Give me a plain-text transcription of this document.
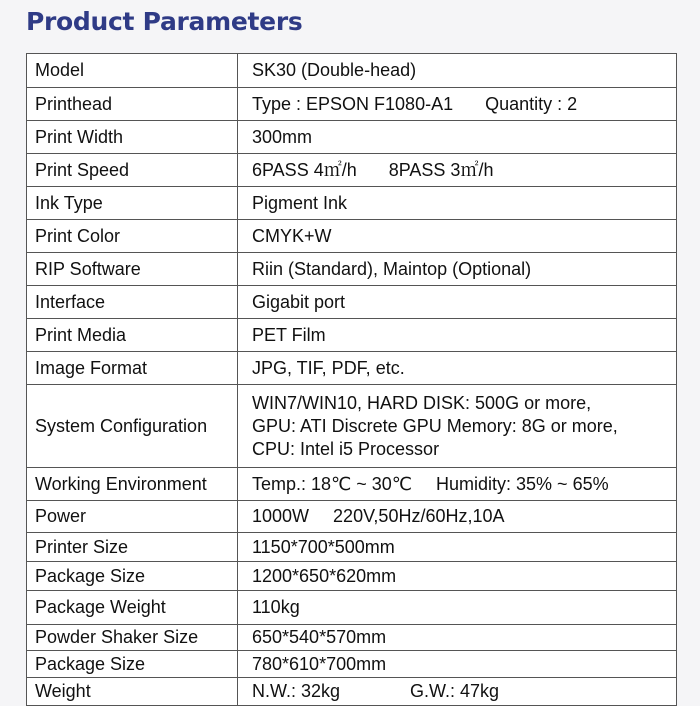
Product Parameters
Model	SK30 (Double-head)
Printhead	Type : EPSON F1080-A1 Quantity : 2
Print Width	300mm
Print Speed	6PASS 4㎡/h 8PASS 3㎡/h
Ink Type	Pigment Ink
Print Color	CMYK+W
RIP Software	Riin (Standard), Maintop (Optional)
Interface	Gigabit port
Print Media	PET Film
Image Format	JPG, TIF, PDF, etc.
System Configuration	WIN7/WIN10, HARD DISK: 500G or more,
GPU: ATI Discrete GPU Memory: 8G or more,
CPU: Intel i5 Processor

Working Environment	Temp.: 18℃ ~ 30℃ Humidity: 35% ~ 65%
Power	1000W 220V,50Hz/60Hz,10A
Printer Size	1150*700*500mm
Package Size	1200*650*620mm
Package Weight	110kg
Powder Shaker Size	650*540*570mm
Package Size	780*610*700mm
Weight	N.W.: 32kg G.W.: 47kg
